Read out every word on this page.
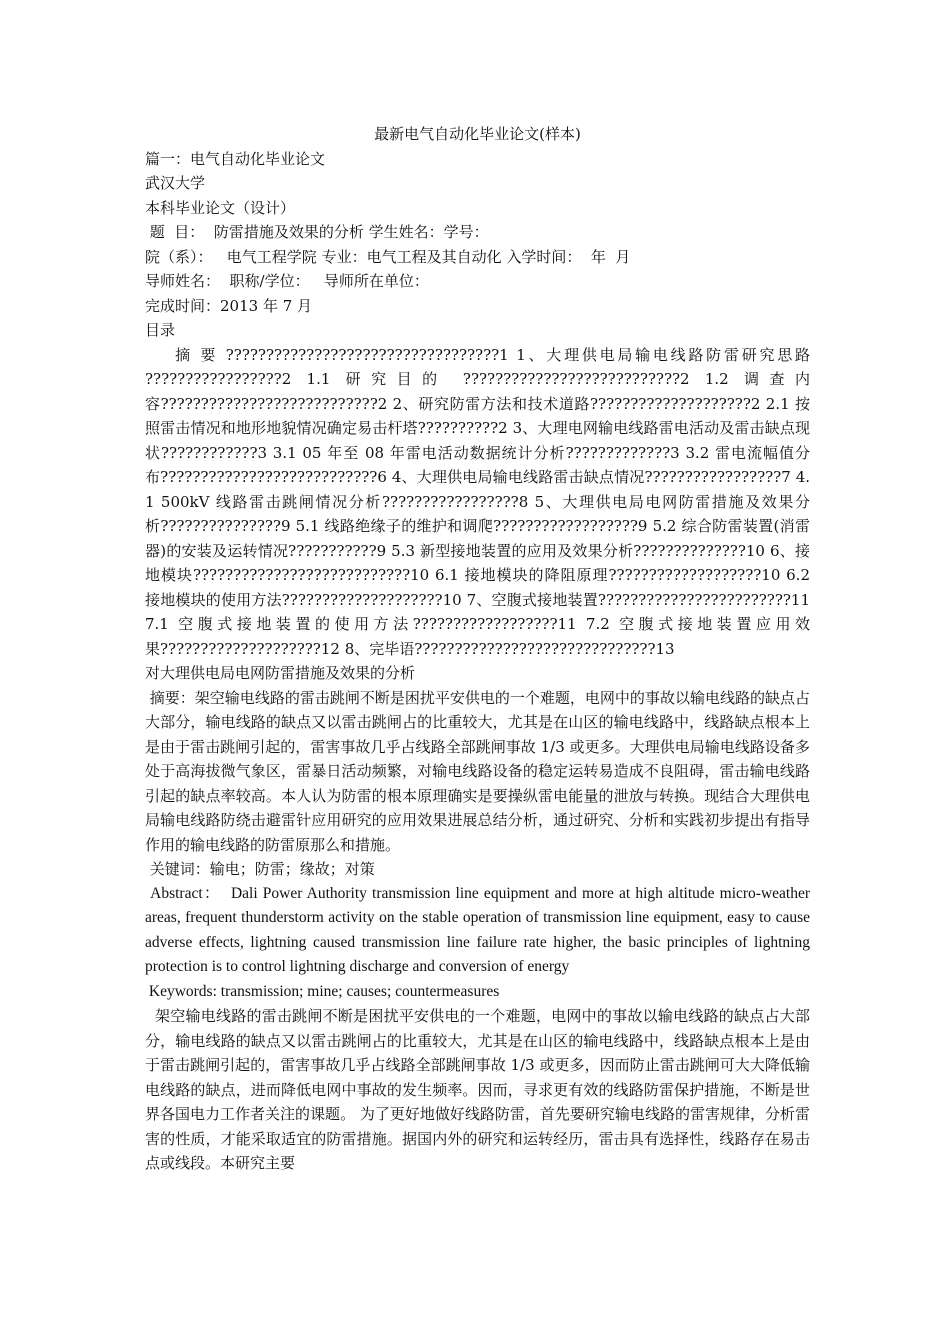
最新电气自动化毕业论文(样本)

篇一：电气自动化毕业论文

武汉大学

本科毕业论文（设计）

题  目：  防雷措施及效果的分析 学生姓名：学号：

院（系）：   电气工程学院 专业：电气工程及其自动化 入学时间：  年  月

导师姓名：  职称/学位：   导师所在单位：

完成时间：2013 年 7 月

目录

摘 要 ??????????????????????????????????1 1、大理供电局输电线路防雷研究思路 ?????????????????2 1.1 研究目的 ???????????????????????????2 1.2 调查内容???????????????????????????2 2、研究防雷方法和技术道路????????????????????2 2.1 按照雷击情况和地形地貌情况确定易击杆塔??????????2 3、大理电网输电线路雷电活动及雷击缺点现状????????????3 3.1 05 年至 08 年雷电活动数据统计分析?????????????3 3.2 雷电流幅值分布???????????????????????????6 4、大理供电局输电线路雷击缺点情况?????????????????7 4.1 500kV 线路雷击跳闸情况分析?????????????????8 5、大理供电局电网防雷措施及效果分析???????????????9 5.1 线路绝缘子的维护和调爬??????????????????9 5.2 综合防雷装置(消雷器)的安装及运转情况???????????9 5.3 新型接地装置的应用及效果分析??????????????10 6、接地模块???????????????????????????10 6.1 接地模块的降阻原理???????????????????10 6.2 接地模块的使用方法????????????????????10 7、空腹式接地装置????????????????????????11 7.1 空腹式接地装置的使用方法??????????????????11 7.2 空腹式接地装置应用效果????????????????????12 8、完毕语??????????????????????????????13

对大理供电局电网防雷措施及效果的分析

摘要：架空输电线路的雷击跳闸不断是困扰平安供电的一个难题，电网中的事故以输电线路的缺点占大部分，输电线路的缺点又以雷击跳闸占的比重较大，尤其是在山区的输电线路中，线路缺点根本上是由于雷击跳闸引起的，雷害事故几乎占线路全部跳闸事故 1/3 或更多。大理供电局输电线路设备多处于高海拔微气象区，雷暴日活动频繁，对输电线路设备的稳定运转易造成不良阻碍，雷击输电线路引起的缺点率较高。本人认为防雷的根本原理确实是要操纵雷电能量的泄放与转换。现结合大理供电局输电线路防绕击避雷针应用研究的应用效果进展总结分析，通过研究、分析和实践初步提出有指导作用的输电线路的防雷原那么和措施。

关键词：输电；防雷；缘故；对策

Abstract：  Dali Power Authority transmission line equipment and more at high altitude micro-weather areas, frequent thunderstorm activity on the stable operation of transmission line equipment, easy to cause adverse effects, lightning caused transmission line failure rate higher, the basic principles of lightning protection is to control lightning discharge and conversion of energy

Keywords: transmission; mine; causes; countermeasures

架空输电线路的雷击跳闸不断是困扰平安供电的一个难题，电网中的事故以输电线路的缺点占大部分，输电线路的缺点又以雷击跳闸占的比重较大，尤其是在山区的输电线路中，线路缺点根本上是由于雷击跳闸引起的，雷害事故几乎占线路全部跳闸事故 1/3 或更多，因而防止雷击跳闸可大大降低输电线路的缺点，进而降低电网中事故的发生频率。因而，寻求更有效的线路防雷保护措施，不断是世界各国电力工作者关注的课题。 为了更好地做好线路防雷，首先要研究输电线路的雷害规律，分析雷害的性质，才能采取适宜的防雷措施。据国内外的研究和运转经历，雷击具有选择性，线路存在易击点或线段。本研究主要
